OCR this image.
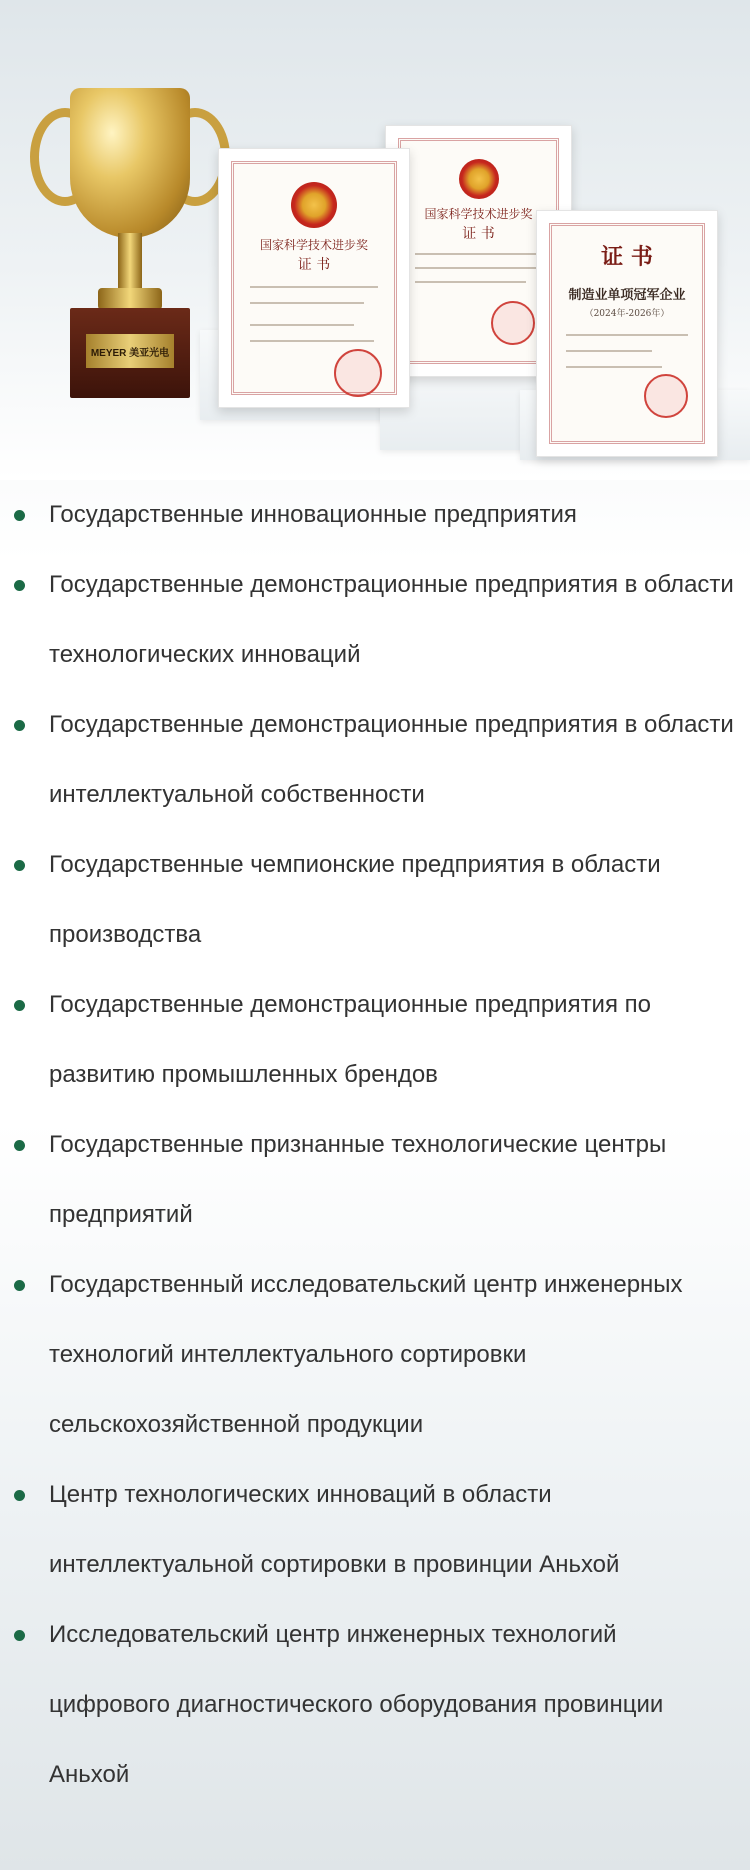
MEYER 美亚光电
国家科学技术进步奖
证 书
国家科学技术进步奖
证 书	证 书
制造业单项冠军企业
（2024年-2026年）
Государственные инновационные предприятия
Государственные демонстрационные предприятия в области технологических инноваций
Государственные демонстрационные предприятия в области интеллектуальной собственности
Государственные чемпионские предприятия в области производства
Государственные демонстрационные предприятия по развитию промышленных брендов
Государственные признанные технологические центры предприятий
Государственный исследовательский центр инженерных технологий интеллектуального сортировки сельскохозяйственной продукции
Центр технологических инноваций в области интеллектуальной сортировки в провинции Аньхой
Исследовательский центр инженерных технологий цифрового диагностического оборудования провинции Аньхой
